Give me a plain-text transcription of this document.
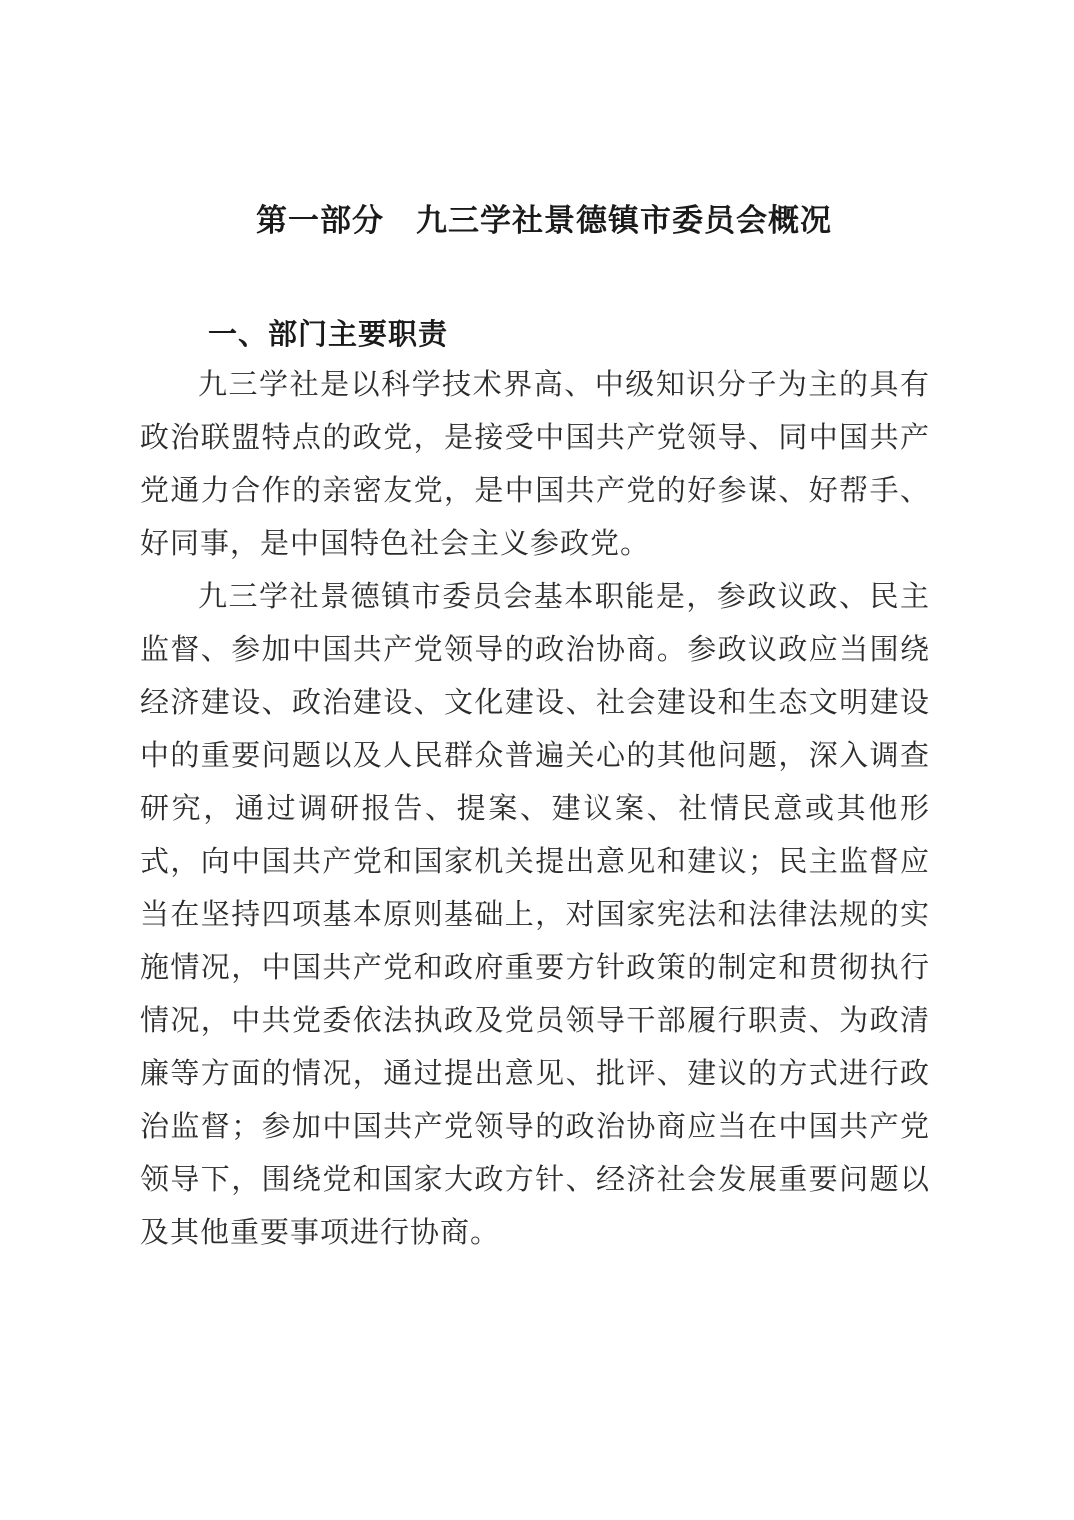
第一部分　九三学社景德镇市委员会概况
一、部门主要职责

九三学社是以科学技术界高、中级知识分子为主的具有政治联盟特点的政党，是接受中国共产党领导、同中国共产党通力合作的亲密友党，是中国共产党的好参谋、好帮手、好同事，是中国特色社会主义参政党。

九三学社景德镇市委员会基本职能是，参政议政、民主监督、参加中国共产党领导的政治协商。参政议政应当围绕经济建设、政治建设、文化建设、社会建设和生态文明建设中的重要问题以及人民群众普遍关心的其他问题，深入调查研究，通过调研报告、提案、建议案、社情民意或其他形式，向中国共产党和国家机关提出意见和建议；民主监督应当在坚持四项基本原则基础上，对国家宪法和法律法规的实施情况，中国共产党和政府重要方针政策的制定和贯彻执行情况，中共党委依法执政及党员领导干部履行职责、为政清廉等方面的情况，通过提出意见、批评、建议的方式进行政治监督；参加中国共产党领导的政治协商应当在中国共产党领导下，围绕党和国家大政方针、经济社会发展重要问题以及其他重要事项进行协商。
